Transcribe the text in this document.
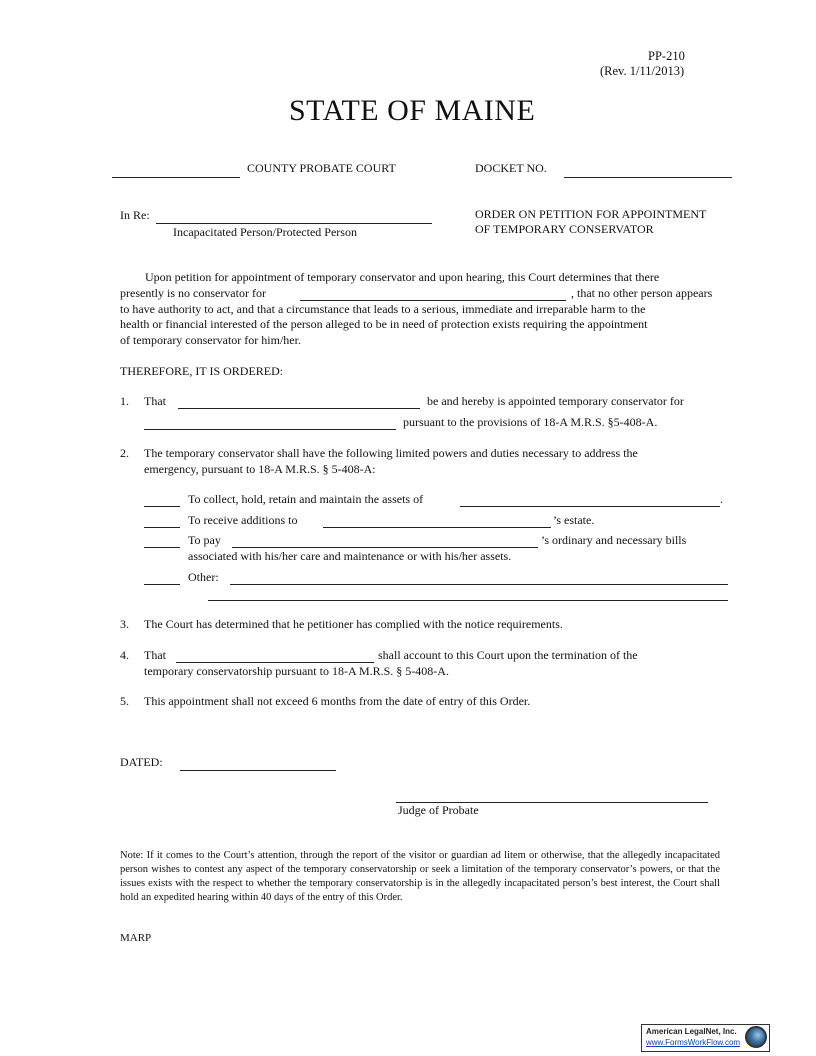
PP-210
(Rev. 1/11/2013)
STATE OF MAINE
COUNTY PROBATE COURT	DOCKET NO.
In Re:
Incapacitated Person/Protected Person
ORDER ON PETITION FOR APPOINTMENT
OF TEMPORARY CONSERVATOR
Upon petition for appointment of temporary conservator and upon hearing, this Court determines that there
presently is no conservator for	, that no other person appears
to have authority to act, and that a circumstance that leads to a serious, immediate and irreparable harm to the
health or financial interested of the person alleged to be in need of protection exists requiring the appointment
of temporary conservator for him/her.
THEREFORE, IT IS ORDERED:
1. That	be and hereby is appointed temporary conservator for
pursuant to the provisions of 18-A M.R.S. §5-408-A.
2. The temporary conservator shall have the following limited powers and duties necessary to address the
emergency, pursuant to 18-A M.R.S. § 5-408-A:
To collect, hold, retain and maintain the assets of	.
To receive additions to	’s estate.
To pay	’s ordinary and necessary bills
associated with his/her care and maintenance or with his/her assets.
Other:
3. The Court has determined that he petitioner has complied with the notice requirements.
4. That	shall account to this Court upon the termination of the
temporary conservatorship pursuant to 18-A M.R.S. § 5-408-A.
5. This appointment shall not exceed 6 months from the date of entry of this Order.
DATED:
Judge of Probate
Note: If it comes to the Court’s attention, through the report of the visitor or guardian ad litem or otherwise, that the allegedly incapacitated person wishes to contest any aspect of the temporary conservatorship or seek a limitation of the temporary conservator’s powers, or that the issues exists with the respect to whether the temporary conservatorship is in the allegedly incapacitated person’s best interest, the Court shall hold an expedited hearing within 40 days of the entry of this Order.
MARP
American LegalNet, Inc.
www.FormsWorkFlow.com
